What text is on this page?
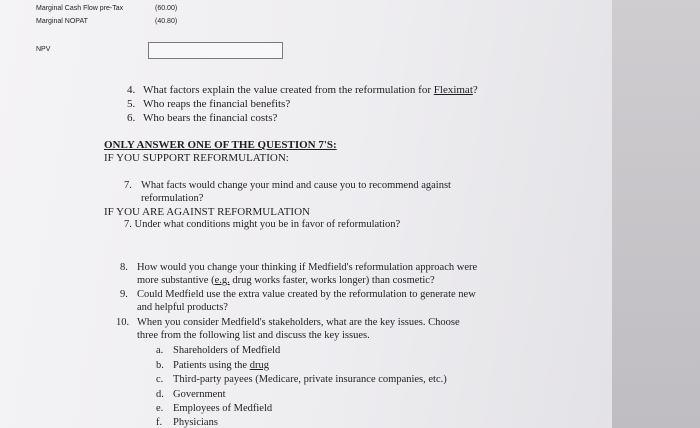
Marginal Cash Flow pre-Tax	(60.00)
Marginal NOPAT	(40.80)
NPV
4. What factors explain the value created from the reformulation for Fleximat?
5. Who reaps the financial benefits?
6. Who bears the financial costs?
ONLY ANSWER ONE OF THE QUESTION 7'S:
IF YOU SUPPORT REFORMULATION:
7. What facts would change your mind and cause you to recommend against
reformulation?
IF YOU ARE AGAINST REFORMULATION
7. Under what conditions might you be in favor of reformulation?
8. How would you change your thinking if Medfield's reformulation approach were
more substantive (e.g. drug works faster, works longer) than cosmetic?
9. Could Medfield use the extra value created by the reformulation to generate new
and helpful products?
10. When you consider Medfield's stakeholders, what are the key issues. Choose
three from the following list and discuss the key issues.
a. Shareholders of Medfield
b. Patients using the drug
c. Third-party payees (Medicare, private insurance companies, etc.)
d. Government
e. Employees of Medfield
f. Physicians
